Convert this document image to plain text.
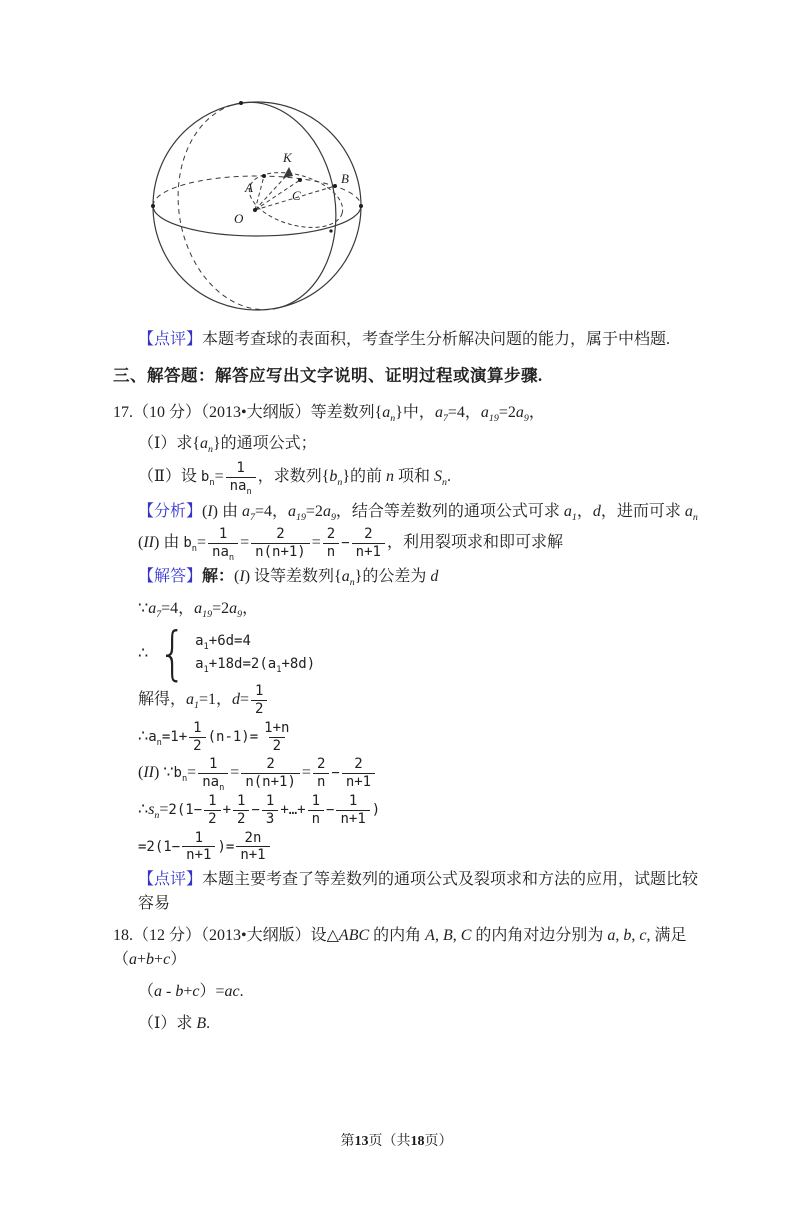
K
B
A
C
O

【点评】本题考查球的表面积，考查学生分析解决问题的能力，属于中档题.

三、解答题：解答应写出文字说明、证明过程或演算步骤.

17.（10 分）（2013•大纲版）等差数列$\{a_n\}$中，$a_7=4$，$a_{19}=2a_9$，

（Ⅰ）求$\{a_n\}$的通项公式；

（Ⅱ）设 $b_n= \frac{1}{na_n}$ ，求数列$\{b_n\}$的前 n 项和 $S_n$.

【分析】(I) 由 $a_7=4$，$a_{19}=2a_9$，结合等差数列的通项公式可求 $a_1$，d，进而可求 $a_n$

(II) 由 $b_n= \frac{1}{na_n} = \frac{2}{n(n+1)} = \frac{2}{n} - \frac{2}{n+1}$ ，利用裂项求和即可求解

【解答】解：(I) 设等差数列$\{a_n\}$的公差为 d

$\because a_7=4$，$a_{19}=2a_9$，

∴ { $a_1+6d=4$
$a_1+18d=2(a_1+8d)$

解得，$a_1=1$，$d= \frac{1}{2}$

$\therefore a_n=1+ \frac{1}{2} (n-1)= \frac{1+n}{2}$

(II) $\because b_n= \frac{1}{na_n} = \frac{2}{n(n+1)} = \frac{2}{n} - \frac{2}{n+1}$

$\therefore s_n=2(1- \frac{1}{2} + \frac{1}{2} - \frac{1}{3}$ +…+ $\frac{1}{n} - \frac{1}{n+1}$ )

$=2(1- \frac{1}{n+1}$ )= $\frac{2n}{n+1}$

【点评】本题主要考查了等差数列的通项公式及裂项求和方法的应用，试题比较容易

18.（12 分）（2013•大纲版）设△ABC 的内角 A, B, C 的内角对边分别为 a, b, c, 满足（a+b+c）

（a - b+c）=ac.

（Ⅰ）求 B.

第13页（共18页）
